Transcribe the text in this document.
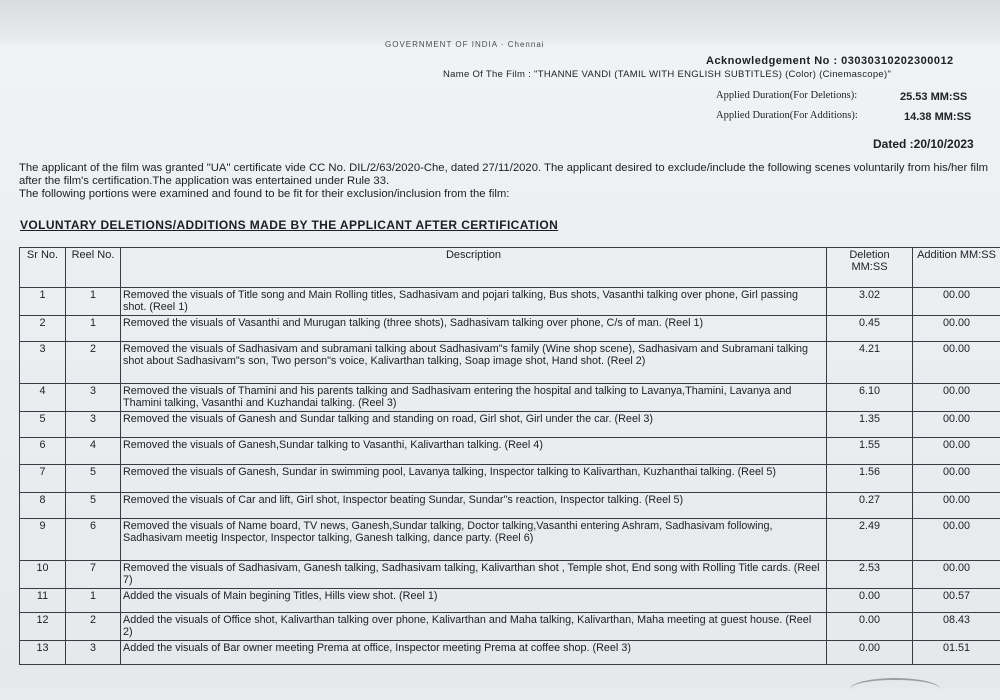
GOVERNMENT OF INDIA · Chennai
Acknowledgement No : 03030310202300012
Name Of The Film : "THANNE VANDI (TAMIL WITH ENGLISH SUBTITLES) (Color) (Cinemascope)"
Applied Duration(For Deletions):	25.53 MM:SS
Applied Duration(For Additions):	14.38 MM:SS
Dated :20/10/2023

The applicant of the film was granted "UA" certificate vide CC No. DIL/2/63/2020-Che, dated 27/11/2020. The applicant desired to exclude/include the following scenes voluntarily from his/her film after the film's certification.The application was entertained under Rule 33.

The following portions were examined and found to be fit for their exclusion/inclusion from the film:

VOLUNTARY DELETIONS/ADDITIONS MADE BY THE APPLICANT AFTER CERTIFICATION
Sr No.	Reel No.	Description	Deletion MM:SS	Addition MM:SS
1	1	Removed the visuals of Title song and Main Rolling titles, Sadhasivam and pojari talking, Bus shots, Vasanthi talking over phone, Girl passing shot. (Reel 1)	3.02	00.00
2	1	Removed the visuals of Vasanthi and Murugan talking (three shots), Sadhasivam talking over phone, C/s of man. (Reel 1)	0.45	00.00
3	2	Removed the visuals of Sadhasivam and subramani talking about Sadhasivam"s family (Wine shop scene), Sadhasivam and Subramani talking shot about Sadhasivam"s son, Two person"s voice, Kalivarthan talking, Soap image shot, Hand shot. (Reel 2)	4.21	00.00
4	3	Removed the visuals of Thamini and his parents talking and Sadhasivam entering the hospital and talking to Lavanya,Thamini, Lavanya and Thamini talking, Vasanthi and Kuzhandai talking. (Reel 3)	6.10	00.00
5	3	Removed the visuals of Ganesh and Sundar talking and standing on road, Girl shot, Girl under the car. (Reel 3)	1.35	00.00
6	4	Removed the visuals of Ganesh,Sundar talking to Vasanthi, Kalivarthan talking. (Reel 4)	1.55	00.00
7	5	Removed the visuals of Ganesh, Sundar in swimming pool, Lavanya talking, Inspector talking to Kalivarthan, Kuzhanthai talking. (Reel 5)	1.56	00.00
8	5	Removed the visuals of Car and lift, Girl shot, Inspector beating Sundar, Sundar"s reaction, Inspector talking. (Reel 5)	0.27	00.00
9	6	Removed the visuals of Name board, TV news, Ganesh,Sundar talking, Doctor talking,Vasanthi entering Ashram, Sadhasivam following, Sadhasivam meetig Inspector, Inspector talking, Ganesh talking, dance party. (Reel 6)	2.49	00.00
10	7	Removed the visuals of Sadhasivam, Ganesh talking, Sadhasivam talking, Kalivarthan shot , Temple shot, End song with Rolling Title cards. (Reel 7)	2.53	00.00
11	1	Added the visuals of Main begining Titles, Hills view shot. (Reel 1)	0.00	00.57
12	2	Added the visuals of Office shot, Kalivarthan talking over phone, Kalivarthan and Maha talking, Kalivarthan, Maha meeting at guest house. (Reel 2)	0.00	08.43
13	3	Added the visuals of Bar owner meeting Prema at office, Inspector meeting Prema at coffee shop. (Reel 3)	0.00	01.51
